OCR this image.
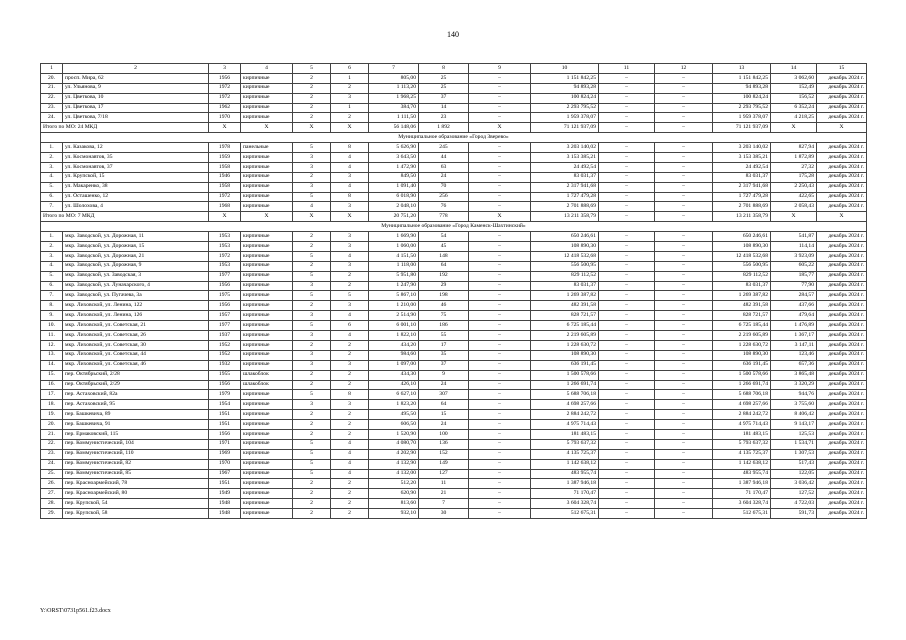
140
1	2	3	4	5	6	7	8	9	10	11	12	13	14	15
20.	просп. Мира, 62	1956	кирпичные	2	1	805,00	25	–	1 151 842,25	–	–	1 151 842,25	3 062,60	декабрь 2024 г.
21.	ул. Ульянова, 9	1972	кирпичные	2	2	1 113,20	25	–	94 893,28	–	–	94 893,28	152,49	декабрь 2024 г.
22.	ул. Цветкова, 10	1972	кирпичные	2	3	1 968,25	37	–	100 824,24	–	–	100 824,24	156,52	декабрь 2024 г.
23.	ул. Цветкова, 17	1962	кирпичные	2	1	384,70	14	–	2 293 795,52	–	–	2 293 795,52	6 352,24	декабрь 2024 г.
24.	ул. Цветкова, 7/18	1970	кирпичные	2	2	1 111,50	23	–	1 959 378,07	–	–	1 959 378,07	4 218,25	декабрь 2024 г.
Итого по МО: 24 МКД		X	X	X	X	56 148,06	1 892	X	71 121 937,09	–	–	71 121 937,09	X	X
Муниципальное образование «Город Зверево»														
1.	ул. Казакова, 12	1978	панельные	5	8	5 626,90	245	–	3 203 140,02	–	–	3 203 140,02	827,94	декабрь 2024 г.
2.	ул. Космонавтов, 35	1959	кирпичные	3	4	3 643,50	44	–	3 153 385,21	–	–	3 153 385,21	1 872,89	декабрь 2024 г.
3.	ул. Космонавтов, 37	1958	кирпичные	3	4	1 472,90	63	–	24 492,54	–	–	24 492,54	27,32	декабрь 2024 г.
4.	ул. Крупской, 15	1946	кирпичные	2	3	849,50	24	–	83 031,37	–	–	83 031,37	175,28	декабрь 2024 г.
5.	ул. Макаренко, 38	1958	кирпичные	3	4	1 091,40	70	–	2 317 941,68	–	–	2 317 941,68	2 250,43	декабрь 2024 г.
6.	ул. Осташенко, 12	1972	кирпичные	5	8	6 018,90	256	–	1 727 479,28	–	–	1 727 479,28	422,65	декабрь 2024 г.
7.	ул. Шолохова, 4	1968	кирпичные	4	3	2 048,10	76	–	2 701 888,69	–	–	2 701 888,69	2 058,43	декабрь 2024 г.
Итого по МО: 7 МКД		X	X	X	X	20 751,20	778	X	13 211 358,79	–	–	13 211 358,79	X	X
Муниципальное образование «Город Каменск-Шахтинский»														
1.	мкр. Заводской, ул. Дорожная, 11	1953	кирпичные	2	3	1 669,90	54	–	650 246,61	–	–	650 246,61	541,87	декабрь 2024 г.
2.	мкр. Заводской, ул. Дорожная, 15	1953	кирпичные	2	3	1 060,00	45	–	108 890,30	–	–	108 890,30	114,14	декабрь 2024 г.
3.	мкр. Заводской, ул. Дорожная, 21	1972	кирпичные	5	4	4 151,50	148	–	12 418 532,68	–	–	12 418 532,68	3 923,09	декабрь 2024 г.
4.	мкр. Заводской, ул. Дорожная, 9	1953	кирпичные	2	3	1 118,00	64	–	556 500,95	–	–	556 500,95	605,22	декабрь 2024 г.
5.	мкр. Заводской, ул. Заводская, 3	1977	кирпичные	5	2	5 951,80	192	–	829 112,52	–	–	829 112,52	185,77	декабрь 2024 г.
6.	мкр. Заводской, ул. Луначарского, 4	1956	кирпичные	3	2	1 247,90	29	–	83 031,37	–	–	83 031,37	77,90	декабрь 2024 г.
7.	мкр. Заводской, ул. Пугачева, 3а	1975	кирпичные	5	5	5 867,10	198	–	1 269 387,82	–	–	1 269 387,82	284,57	декабрь 2024 г.
8.	мкр. Лиховской, ул. Ленина, 122	1956	кирпичные	2	3	1 210,00	46	–	482 391,58	–	–	482 391,58	437,66	декабрь 2024 г.
9.	мкр. Лиховской, ул. Ленина, 126	1957	кирпичные	3	4	2 514,90	75	–	828 721,57	–	–	828 721,57	479,64	декабрь 2024 г.
10.	мкр. Лиховской, ул. Советская, 21	1977	кирпичные	5	6	6 001,10	186	–	6 725 185,44	–	–	6 725 185,44	1 476,89	декабрь 2024 г.
11.	мкр. Лиховской, ул. Советская, 26	1937	кирпичные	3	4	1 822,10	55	–	2 219 605,89	–	–	2 219 605,89	1 367,17	декабрь 2024 г.
12.	мкр. Лиховской, ул. Советская, 30	1952	кирпичные	2	2	434,20	17	–	1 228 630,72	–	–	1 228 630,72	3 147,11	декабрь 2024 г.
13.	мкр. Лиховской, ул. Советская, 44	1952	кирпичные	3	2	984,60	35	–	108 890,30	–	–	108 890,30	123,46	декабрь 2024 г.
14.	мкр. Лиховской, ул. Советская, 46	1932	кирпичные	3	3	1 097,00	37	–	636 191,45	–	–	636 191,45	657,36	декабрь 2024 г.
15.	пер. Октябрьский, 2/28	1955	шлакоблок	2	2	434,30	9	–	1 500 578,66	–	–	1 500 578,66	3 865,48	декабрь 2024 г.
16.	пер. Октябрьский, 2/29	1956	шлакоблок	2	2	426,10	24	–	1 266 691,74	–	–	1 266 691,74	3 320,29	декабрь 2024 г.
17.	пер. Астаховский, 82а	1979	кирпичные	5	8	6 627,10	307	–	5 688 706,18	–	–	5 688 706,18	944,76	декабрь 2024 г.
18.	пер. Астаховский, 95	1954	кирпичные	3	3	1 823,20	64	–	4 698 257,66	–	–	4 698 257,66	3 755,60	декабрь 2024 г.
19.	пер. Башкевича, 89	1951	кирпичные	2	2	495,50	15	–	2 884 242,72	–	–	2 884 242,72	8 406,42	декабрь 2024 г.
20.	пер. Башкевича, 91	1951	кирпичные	2	2	606,50	24	–	4 975 714,43	–	–	4 975 714,43	9 143,17	декабрь 2024 г.
21.	пер. Ермаковский, 115	1956	кирпичные	2	2	1 520,90	100	–	181 483,15	–	–	181 483,15	125,53	декабрь 2024 г.
22.	пер. Коммунистический, 104	1971	кирпичные	5	4	4 080,70	136	–	5 793 637,32	–	–	5 793 637,32	1 534,71	декабрь 2024 г.
23.	пер. Коммунистический, 110	1969	кирпичные	5	4	4 202,90	152	–	4 135 725,37	–	–	4 135 725,37	1 307,53	декабрь 2024 г.
24.	пер. Коммунистический, 82	1970	кирпичные	5	4	4 132,90	149	–	1 142 638,12	–	–	1 142 638,12	517,43	декабрь 2024 г.
25.	пер. Коммунистический, 85	1967	кирпичные	5	4	4 132,00	127	–	483 955,74	–	–	483 955,74	122,05	декабрь 2024 г.
26.	пер. Красноармейский, 78	1951	кирпичные	2	2	512,20	11	–	1 387 946,18	–	–	1 387 946,18	3 036,42	декабрь 2024 г.
27.	пер. Красноармейский, 80	1949	кирпичные	2	2	620,90	21	–	71 170,47	–	–	71 170,47	127,52	декабрь 2024 г.
28.	пер. Крупской, 54	1948	кирпичные	2	2	813,60	7	–	3 604 328,74	–	–	3 604 328,74	4 722,03	декабрь 2024 г.
29.	пер. Крупской, 58	1948	кирпичные	2	2	932,10	30	–	512 675,31	–	–	512 675,31	591,73	декабрь 2024 г.
Y:\ORST\0731p561.f23.docx
